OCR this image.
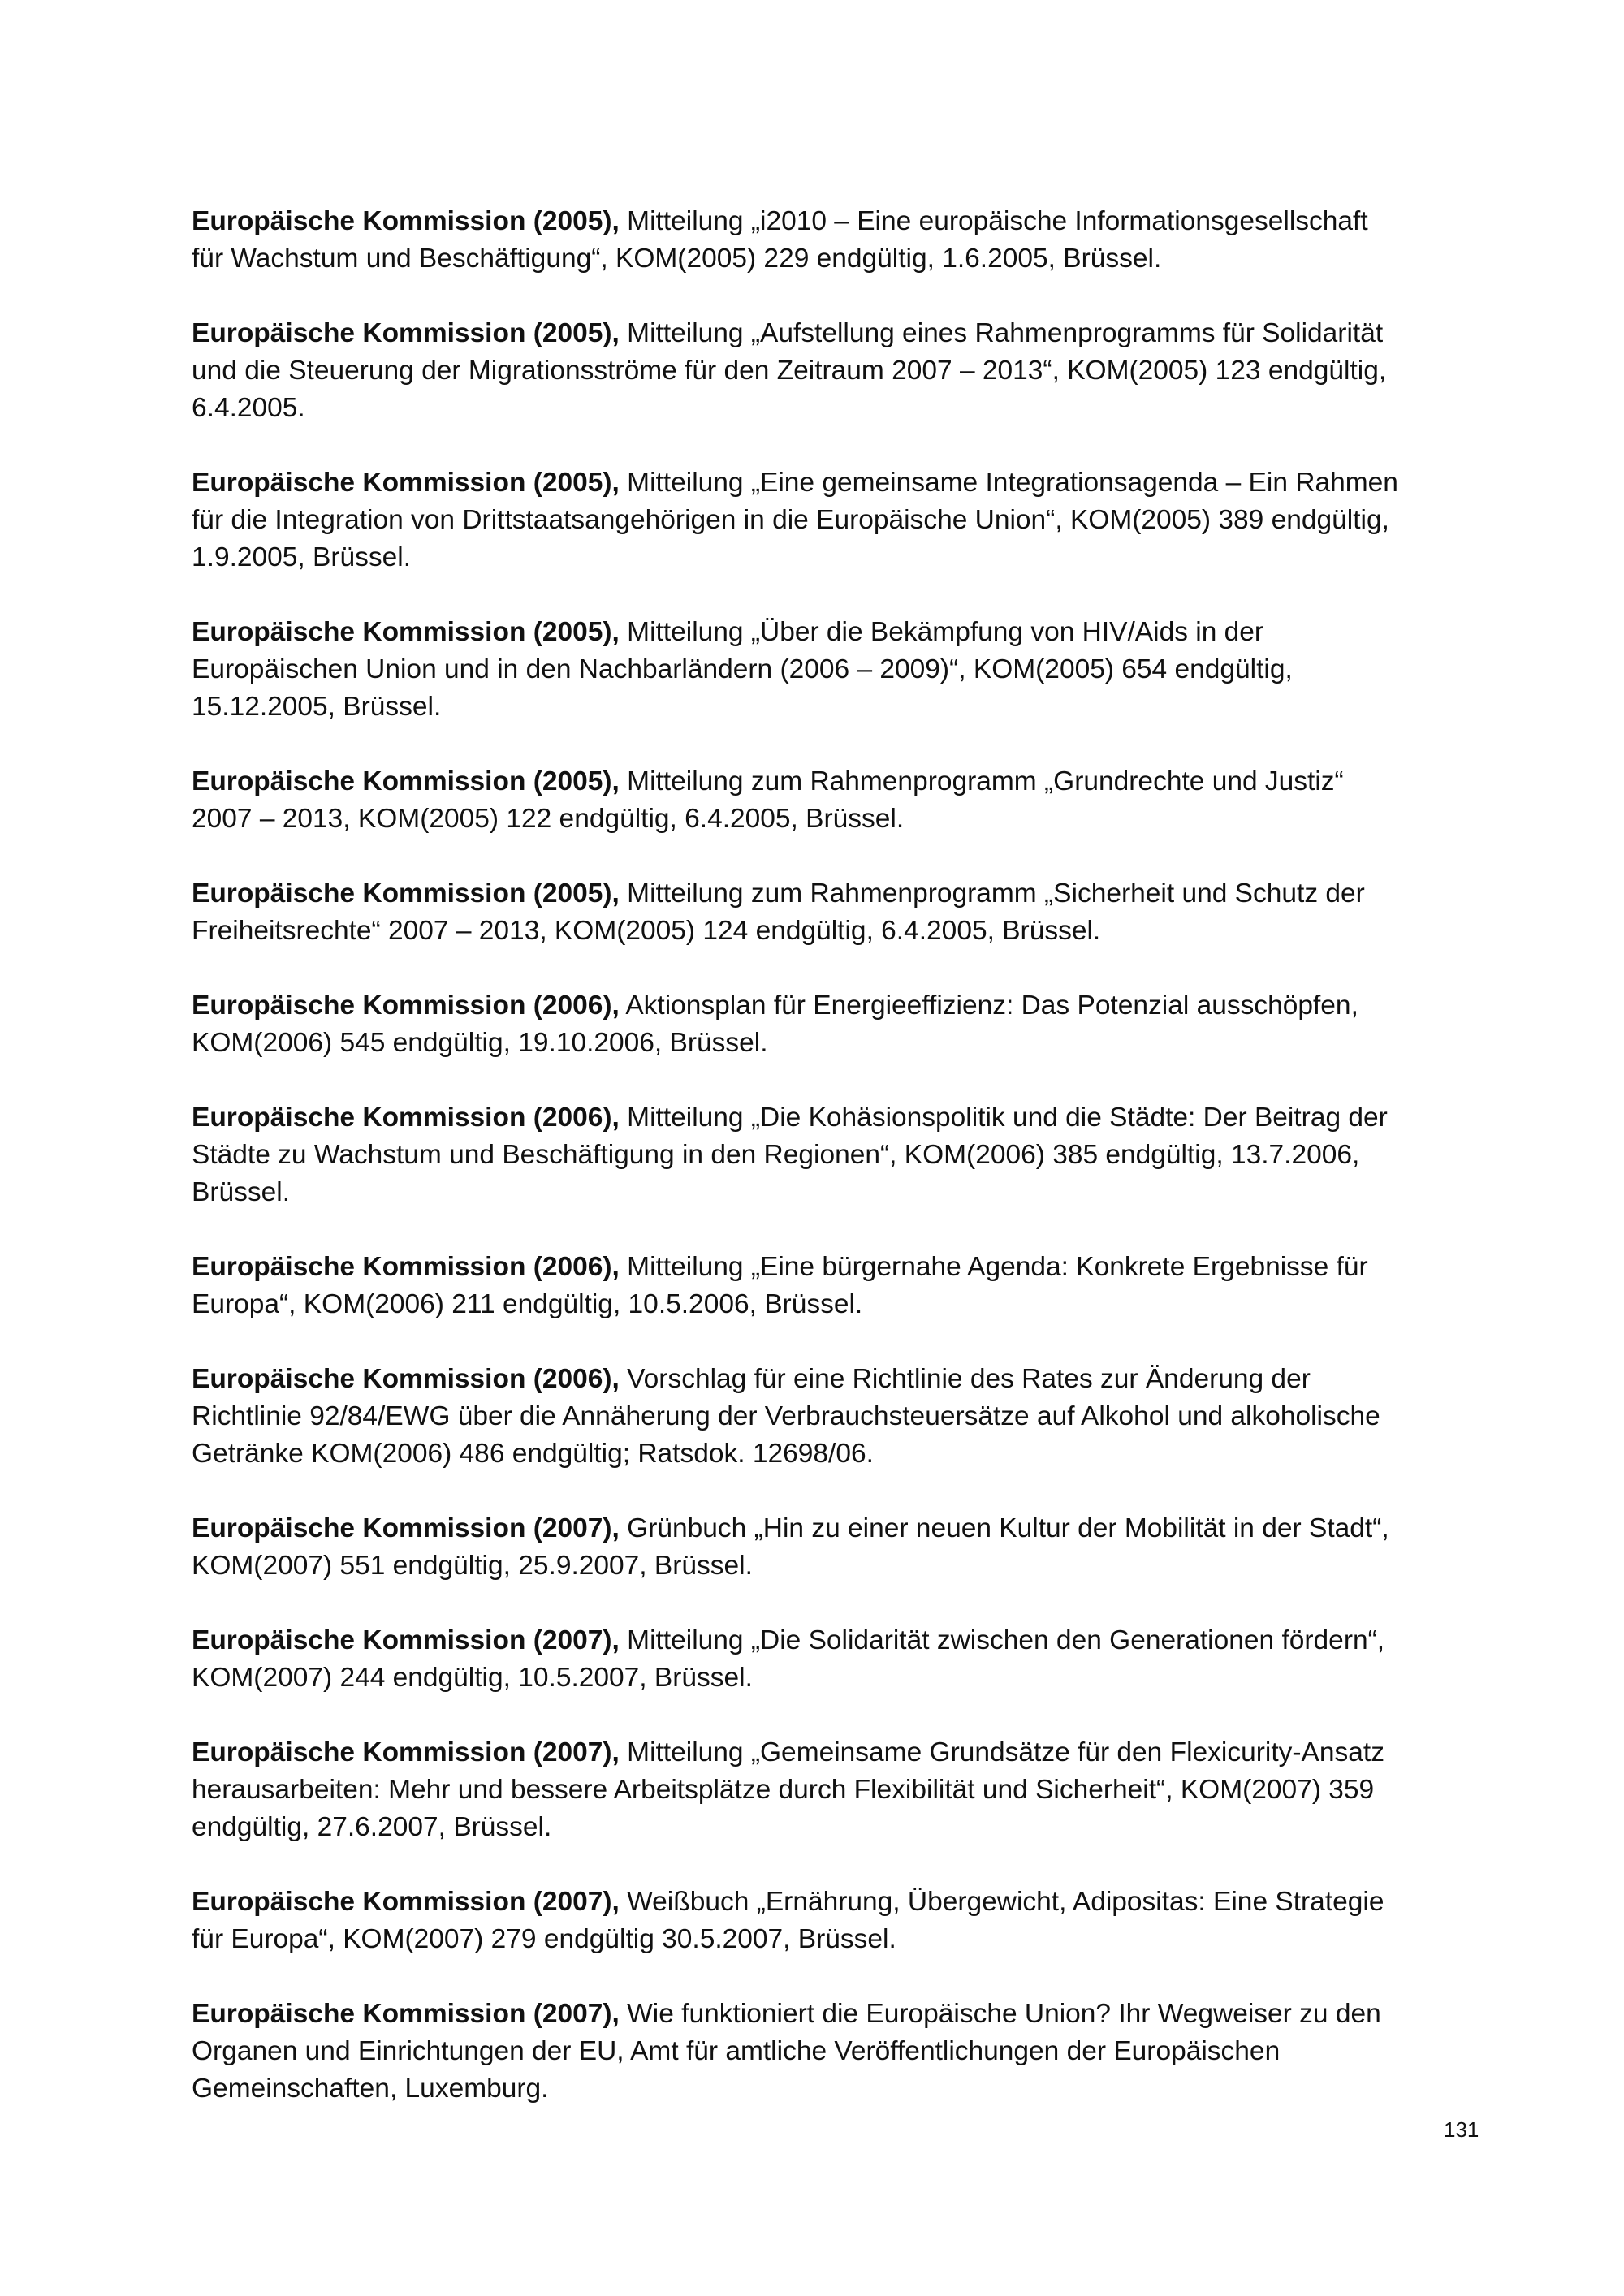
Europäische Kommission (2005), Mitteilung „i2010 – Eine europäische Informationsgesellschaft für Wachstum und Beschäftigung“, KOM(2005) 229 endgültig, 1.6.2005, Brüssel.

Europäische Kommission (2005), Mitteilung „Aufstellung eines Rahmenprogramms für Solidarität und die Steuerung der Migrationsströme für den Zeitraum 2007 – 2013“, KOM(2005) 123 endgültig, 6.4.2005.

Europäische Kommission (2005), Mitteilung „Eine gemeinsame Integrationsagenda – Ein Rahmen für die Integration von Drittstaatsangehörigen in die Europäische Union“, KOM(2005) 389 endgültig, 1.9.2005, Brüssel.

Europäische Kommission (2005), Mitteilung „Über die Bekämpfung von HIV/Aids in der Europäischen Union und in den Nachbarländern (2006 – 2009)“, KOM(2005) 654 endgültig, 15.12.2005, Brüssel.

Europäische Kommission (2005), Mitteilung zum Rahmenprogramm „Grundrechte und Justiz“ 2007 – 2013, KOM(2005) 122 endgültig, 6.4.2005, Brüssel.

Europäische Kommission (2005), Mitteilung zum Rahmenprogramm „Sicherheit und Schutz der Freiheitsrechte“ 2007 – 2013, KOM(2005) 124 endgültig, 6.4.2005, Brüssel.

Europäische Kommission (2006), Aktionsplan für Energieeffizienz: Das Potenzial ausschöpfen, KOM(2006) 545 endgültig, 19.10.2006, Brüssel.

Europäische Kommission (2006), Mitteilung „Die Kohäsionspolitik und die Städte: Der Beitrag der Städte zu Wachstum und Beschäftigung in den Regionen“, KOM(2006) 385 endgültig, 13.7.2006, Brüssel.

Europäische Kommission (2006), Mitteilung „Eine bürgernahe Agenda: Konkrete Ergebnisse für Europa“, KOM(2006) 211 endgültig, 10.5.2006, Brüssel.

Europäische Kommission (2006), Vorschlag für eine Richtlinie des Rates zur Änderung der Richtlinie 92/84/EWG über die Annäherung der Verbrauchsteuersätze auf Alkohol und alkoholische Getränke KOM(2006) 486 endgültig; Ratsdok. 12698/06.

Europäische Kommission (2007), Grünbuch „Hin zu einer neuen Kultur der Mobilität in der Stadt“, KOM(2007) 551 endgültig, 25.9.2007, Brüssel.

Europäische Kommission (2007), Mitteilung „Die Solidarität zwischen den Generationen fördern“, KOM(2007) 244 endgültig, 10.5.2007, Brüssel.

Europäische Kommission (2007), Mitteilung „Gemeinsame Grundsätze für den Flexicurity-Ansatz herausarbeiten: Mehr und bessere Arbeitsplätze durch Flexibilität und Sicherheit“, KOM(2007) 359 endgültig, 27.6.2007, Brüssel.

Europäische Kommission (2007), Weißbuch „Ernährung, Übergewicht, Adipositas: Eine Strategie für Europa“, KOM(2007) 279 endgültig 30.5.2007, Brüssel.

Europäische Kommission (2007), Wie funktioniert die Europäische Union? Ihr Wegweiser zu den Organen und Einrichtungen der EU, Amt für amtliche Veröffentlichungen der Europäischen Gemeinschaften, Luxemburg.

131
